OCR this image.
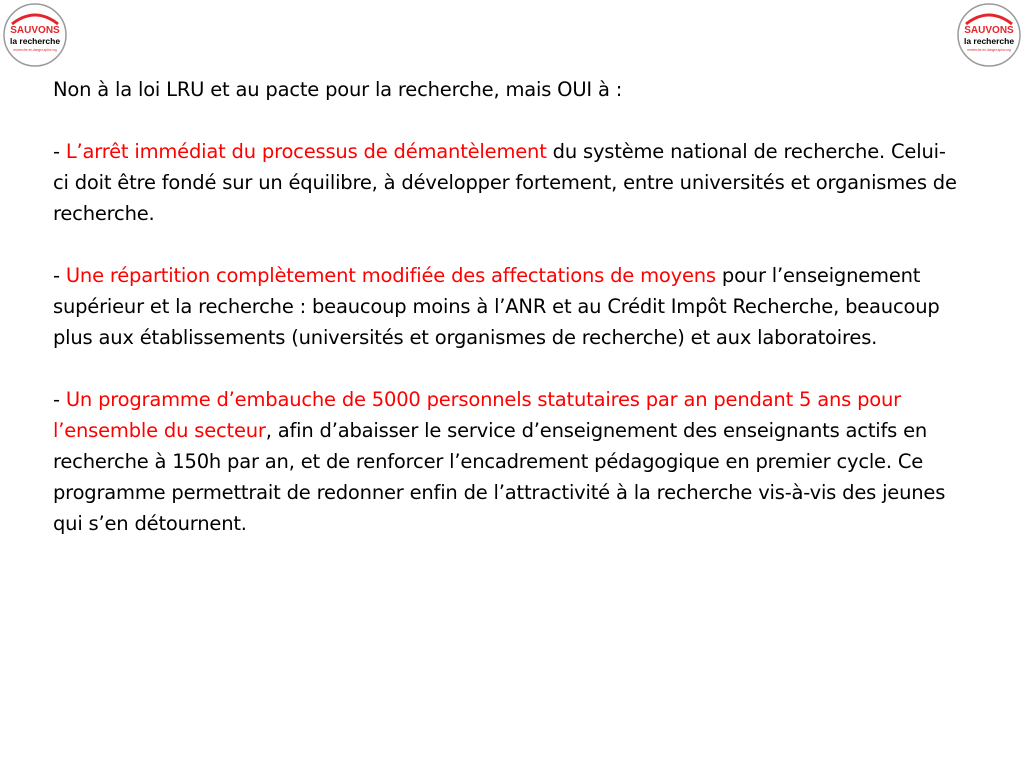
SAUVONS
la recherche
recherche-en-danger.apinc.org
SAUVONS
la recherche
recherche-en-danger.apinc.org

Non à la loi LRU et au pacte pour la recherche, mais OUI à :

- L’arrêt immédiat du processus de démantèlement du système national de recherche. Celui-ci doit être fondé sur un équilibre, à développer fortement, entre universités et organismes de recherche.

- Une répartition complètement modifiée des affectations de moyens pour l’enseignement supérieur et la recherche : beaucoup moins à l’ANR et au Crédit Impôt Recherche, beaucoup plus aux établissements (universités et organismes de recherche) et aux laboratoires.

- Un programme d’embauche de 5000 personnels statutaires par an pendant 5 ans pour l’ensemble du secteur, afin d’abaisser le service d’enseignement des enseignants actifs en recherche à 150h par an, et de renforcer l’encadrement pédagogique en premier cycle. Ce programme permettrait de redonner enfin de l’attractivité à la recherche vis-à-vis des jeunes qui s’en détournent.
